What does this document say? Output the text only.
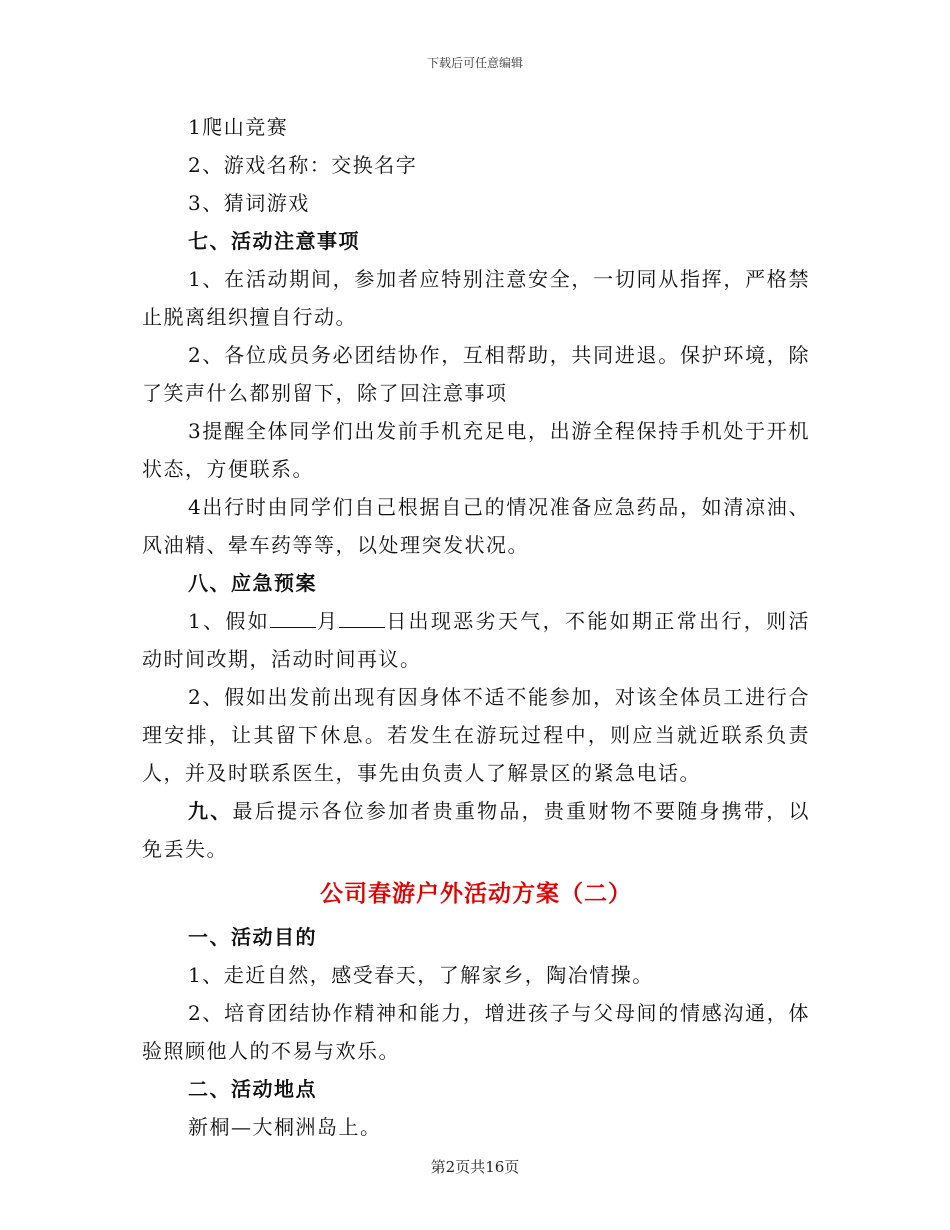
下载后可任意编辑

1爬山竞赛

2、游戏名称：交换名字

3、猜词游戏

七、活动注意事项

1、在活动期间，参加者应特别注意安全，一切同从指挥，严格禁止脱离组织擅自行动。

2、各位成员务必团结协作，互相帮助，共同进退。保护环境，除了笑声什么都别留下，除了回注意事项

3提醒全体同学们出发前手机充足电，出游全程保持手机处于开机状态，方便联系。

4出行时由同学们自己根据自己的情况准备应急药品，如清凉油、风油精、晕车药等等，以处理突发状况。

八、应急预案

1、假如 月 日出现恶劣天气，不能如期正常出行，则活动时间改期，活动时间再议。

2、假如出发前出现有因身体不适不能参加，对该全体员工进行合理安排，让其留下休息。若发生在游玩过程中，则应当就近联系负责人，并及时联系医生，事先由负责人了解景区的紧急电话。

九、最后提示各位参加者贵重物品，贵重财物不要随身携带，以免丢失。

公司春游户外活动方案（二）

一、活动目的

1、走近自然，感受春天，了解家乡，陶冶情操。

2、培育团结协作精神和能力，增进孩子与父母间的情感沟通，体验照顾他人的不易与欢乐。

二、活动地点

新桐—大桐洲岛上。

第2页共16页
